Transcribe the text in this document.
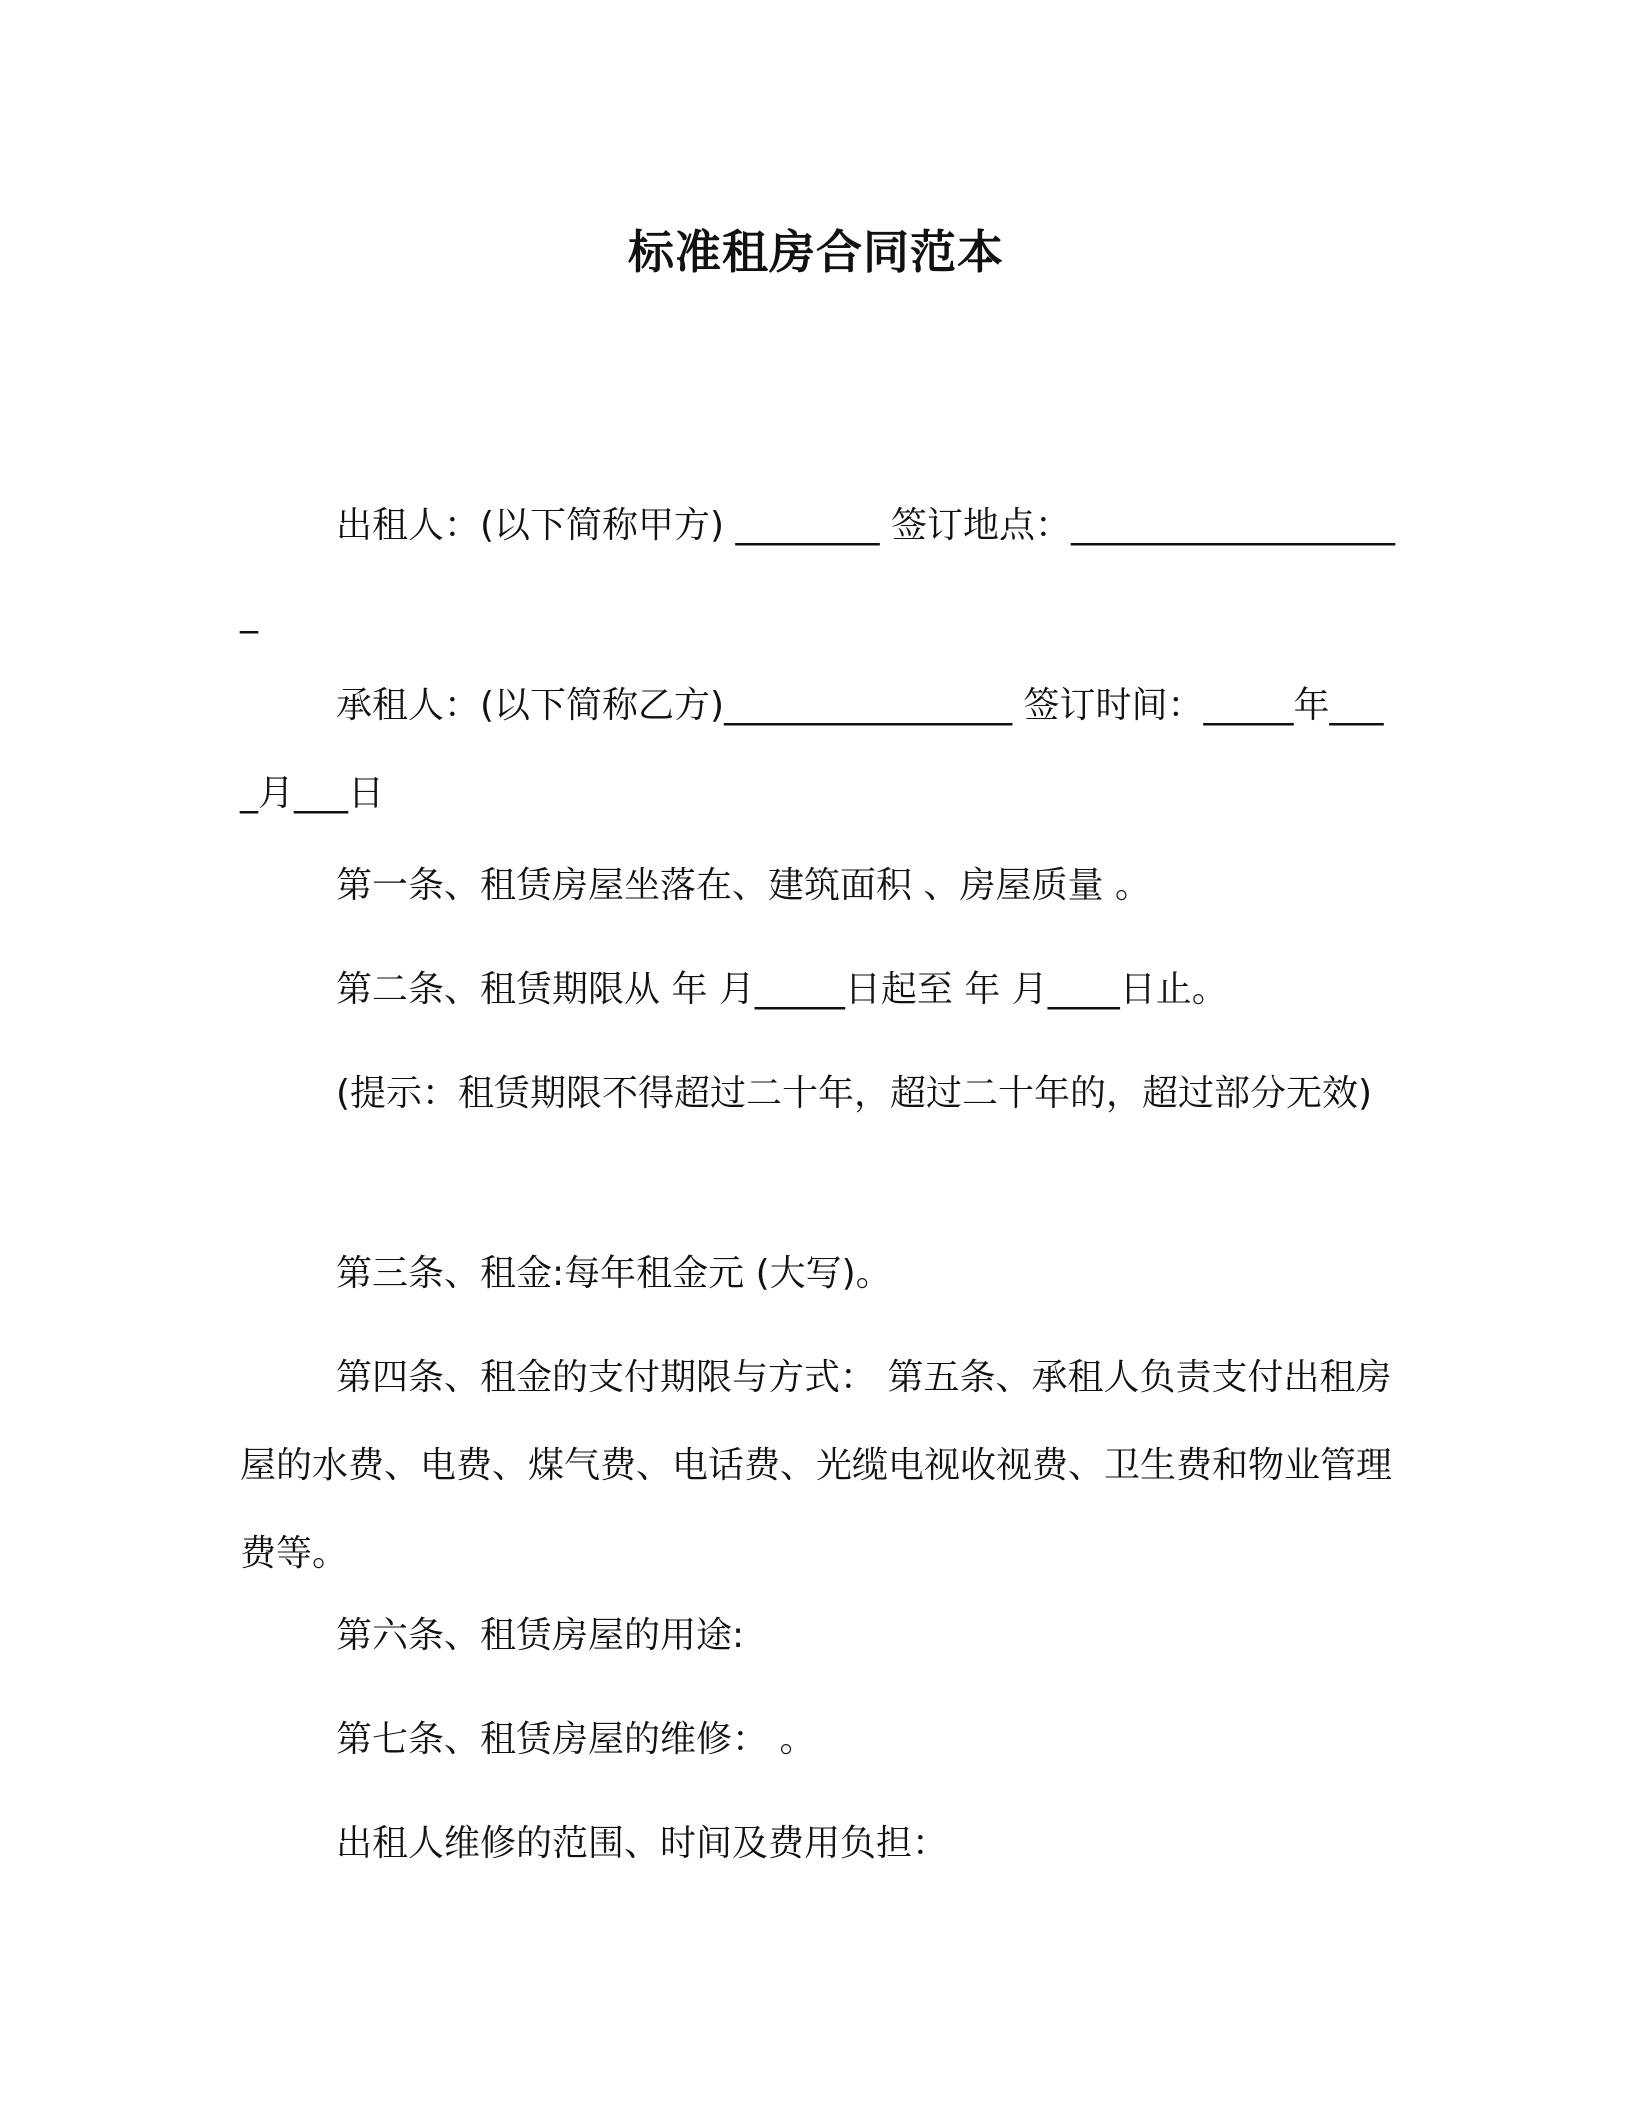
标准租房合同范本
出租人：(以下简称甲方) ________ 签订地点：___________________
承租人：(以下简称乙方)________________ 签订时间：_____年____月___日
第一条、租赁房屋坐落在、建筑面积 、房屋质量 。
第二条、租赁期限从 年 月_____日起至 年 月____日止。
(提示：租赁期限不得超过二十年，超过二十年的，超过部分无效)
第三条、租金:每年租金元 (大写)。
第四条、租金的支付期限与方式： 第五条、承租人负责支付出租房屋的水费、电费、煤气费、电话费、光缆电视收视费、卫生费和物业管理费等。
第六条、租赁房屋的用途:
第七条、租赁房屋的维修： 。
出租人维修的范围、时间及费用负担：
